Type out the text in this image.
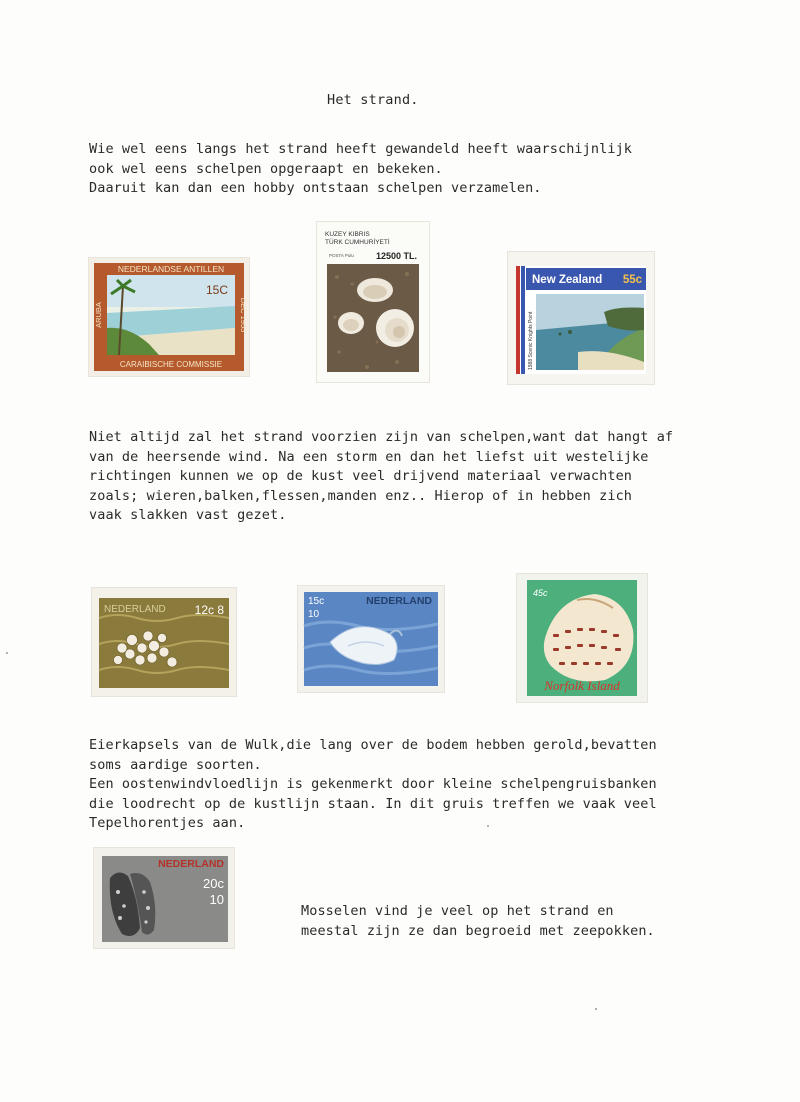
Het strand.
Wie wel eens langs het strand heeft gewandeld heeft waarschijnlijk
ook wel eens schelpen opgeraapt en bekeken.
Daaruit kan dan een hobby ontstaan schelpen verzamelen.
NEDERLANDSE ANTILLEN
15C
ARUBA	DEC 1955
CARAIBISCHE COMMISSIE
KUZEY KIBRIS
TÜRK CUMHURİYETİ
POSTA Pulu 12500 TL.
New Zealand 55c
1988 Scenic Knights Point
Niet altijd zal het strand voorzien zijn van schelpen,want dat hangt af
van de heersende wind. Na een storm en dan het liefst uit westelijke
richtingen kunnen we op de kust veel drijvend materiaal verwachten
zoals; wieren,balken,flessen,manden enz.. Hierop of in hebben zich
vaak slakken vast gezet.
NEDERLAND 12c 8
NEDERLAND
15c
10
45c
Norfolk Island
Eierkapsels van de Wulk,die lang over de bodem hebben gerold,bevatten
soms aardige soorten.
Een oostenwindvloedlijn is gekenmerkt door kleine schelpengruisbanken
die loodrecht op de kustlijn staan. In dit gruis treffen we vaak veel
Tepelhorentjes aan.
NEDERLAND
20c
10
Mosselen vind je veel op het strand en
meestal zijn ze dan begroeid met zeepokken.
